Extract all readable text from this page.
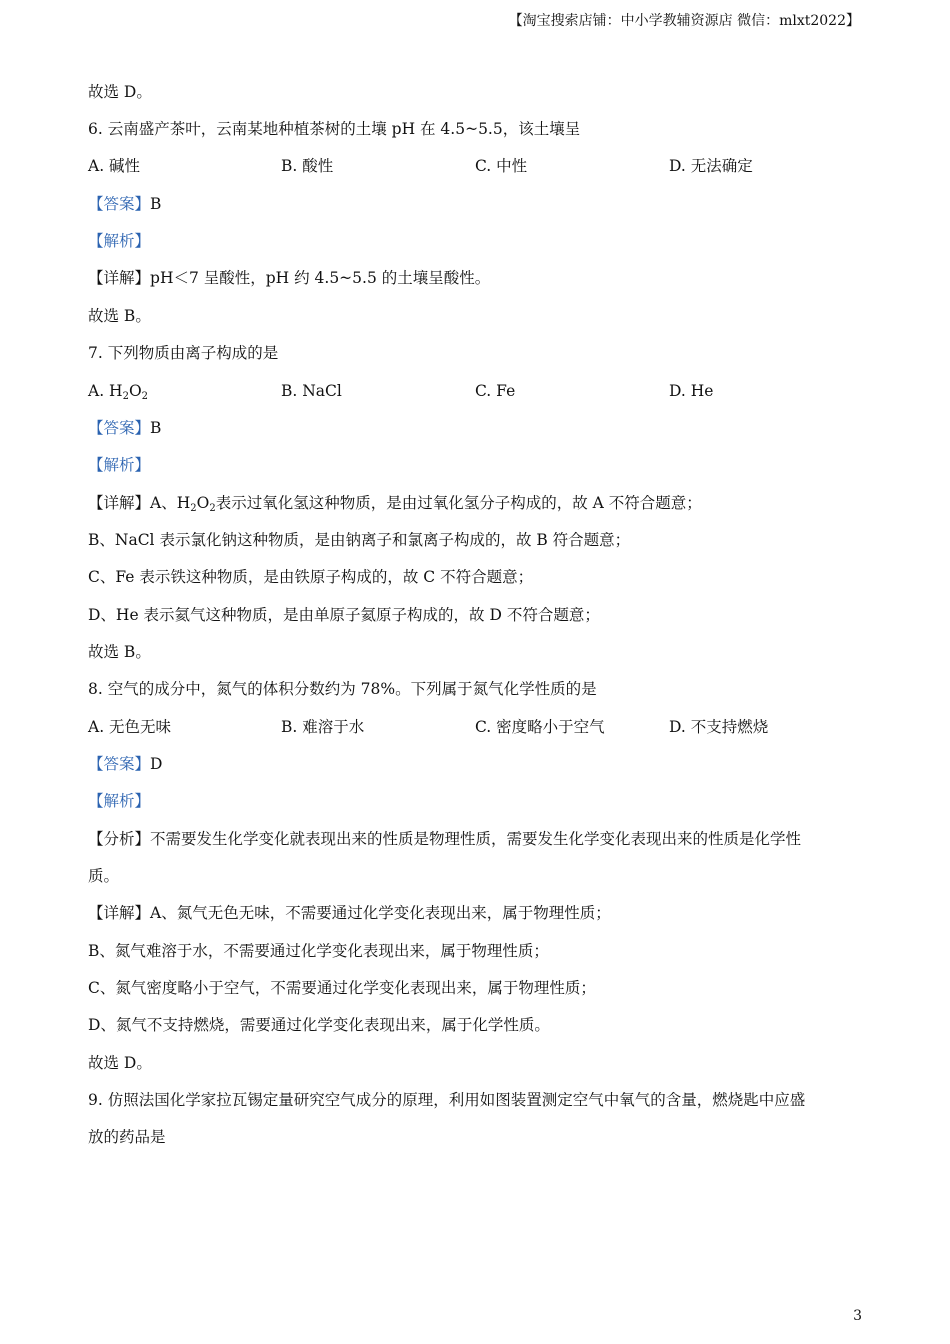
【淘宝搜索店铺：中小学教辅资源店 微信：mlxt2022】
故选 D。
6. 云南盛产茶叶，云南某地种植茶树的土壤 pH 在 4.5~5.5，该土壤呈
A. 碱性	B. 酸性	C. 中性	D. 无法确定
【答案】B
【解析】
【详解】pH＜7 呈酸性，pH 约 4.5~5.5 的土壤呈酸性。
故选 B。
7. 下列物质由离子构成的是
A. $H_2O_2$	B. NaCl	C. Fe	D. He
【答案】B
【解析】
【详解】A、$H_2O_2$表示过氧化氢这种物质，是由过氧化氢分子构成的，故 A 不符合题意；
B、NaCl 表示氯化钠这种物质，是由钠离子和氯离子构成的，故 B 符合题意；
C、Fe 表示铁这种物质，是由铁原子构成的，故 C 不符合题意；
D、He 表示氦气这种物质，是由单原子氦原子构成的，故 D 不符合题意；
故选 B。
8. 空气的成分中，氮气的体积分数约为 78%。下列属于氮气化学性质的是
A. 无色无味	B. 难溶于水	C. 密度略小于空气	D. 不支持燃烧
【答案】D
【解析】
【分析】不需要发生化学变化就表现出来的性质是物理性质，需要发生化学变化表现出来的性质是化学性
质。
【详解】A、氮气无色无味，不需要通过化学变化表现出来，属于物理性质；
B、氮气难溶于水，不需要通过化学变化表现出来，属于物理性质；
C、氮气密度略小于空气，不需要通过化学变化表现出来，属于物理性质；
D、氮气不支持燃烧，需要通过化学变化表现出来，属于化学性质。
故选 D。
9. 仿照法国化学家拉瓦锡定量研究空气成分的原理，利用如图装置测定空气中氧气的含量，燃烧匙中应盛
放的药品是
3
